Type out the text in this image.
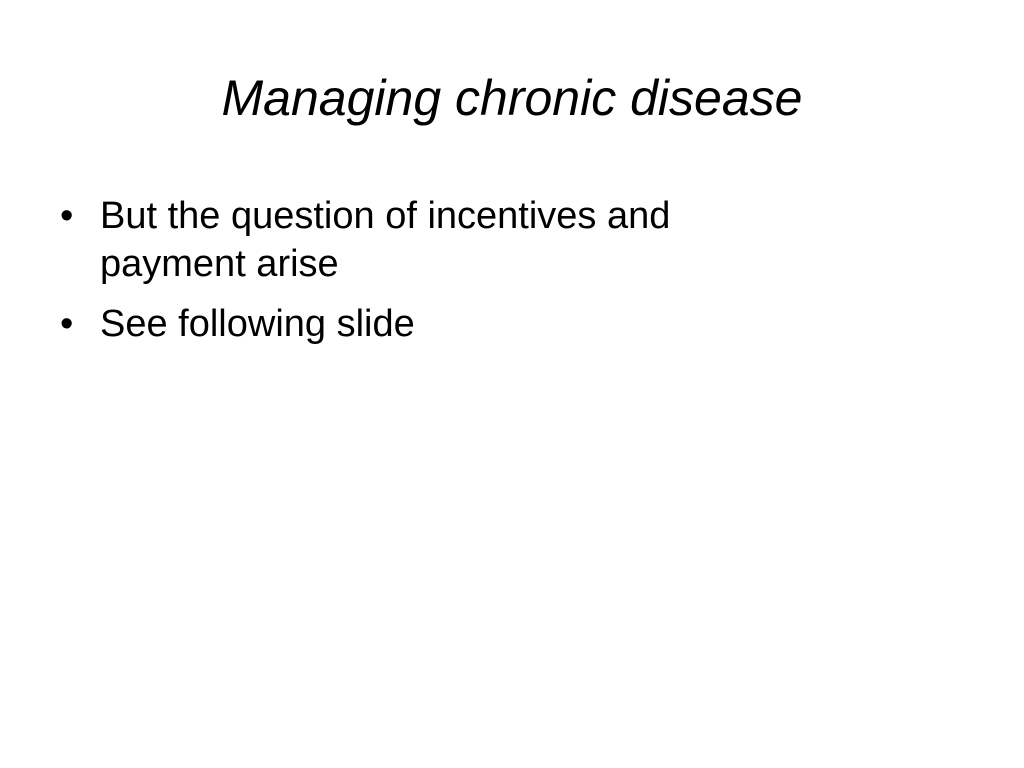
Managing chronic disease
• But the question of incentives and payment arise
• See following slide
